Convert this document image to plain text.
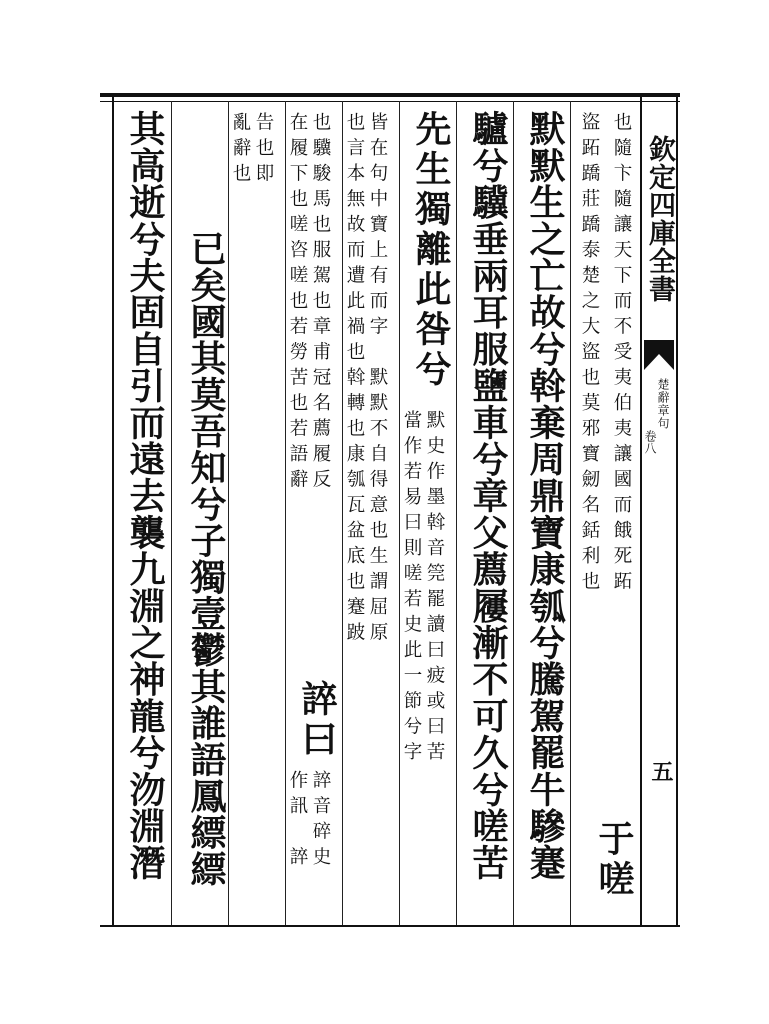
欽定四庫全書
楚辭章句
卷八
五
也隨卞隨讓天下而不受夷伯夷讓國而餓死跖
盜跖蹻莊蹻泰楚之大盜也莫邪寶劒名銛利也
于嗟
默默生之亡故兮斡棄周鼎寶康瓠兮騰駕罷牛驂蹇
驢兮驥垂兩耳服鹽車兮章父薦屨漸不可久兮嗟苦
默史作墨斡音筦罷讀曰疲或曰苦
當作若易曰則嗟若史此一節兮字
先生獨離此咎兮
皆在句中寶上有而字　默默不自得意也生謂屈原
也言本無故而遭此禍也斡轉也康瓠瓦盆底也蹇跛
也驥駿馬也服駕也章甫冠名薦履反
在履下也嗟咨嗟也若勞苦也若語辭
誶曰
誶音碎史
作訊　誶
告也即
亂辭也
已矣國其莫吾知兮子獨壹鬱其誰語鳳縹縹
其高逝兮夫固自引而遠去襲九淵之神龍兮沕淵潛
